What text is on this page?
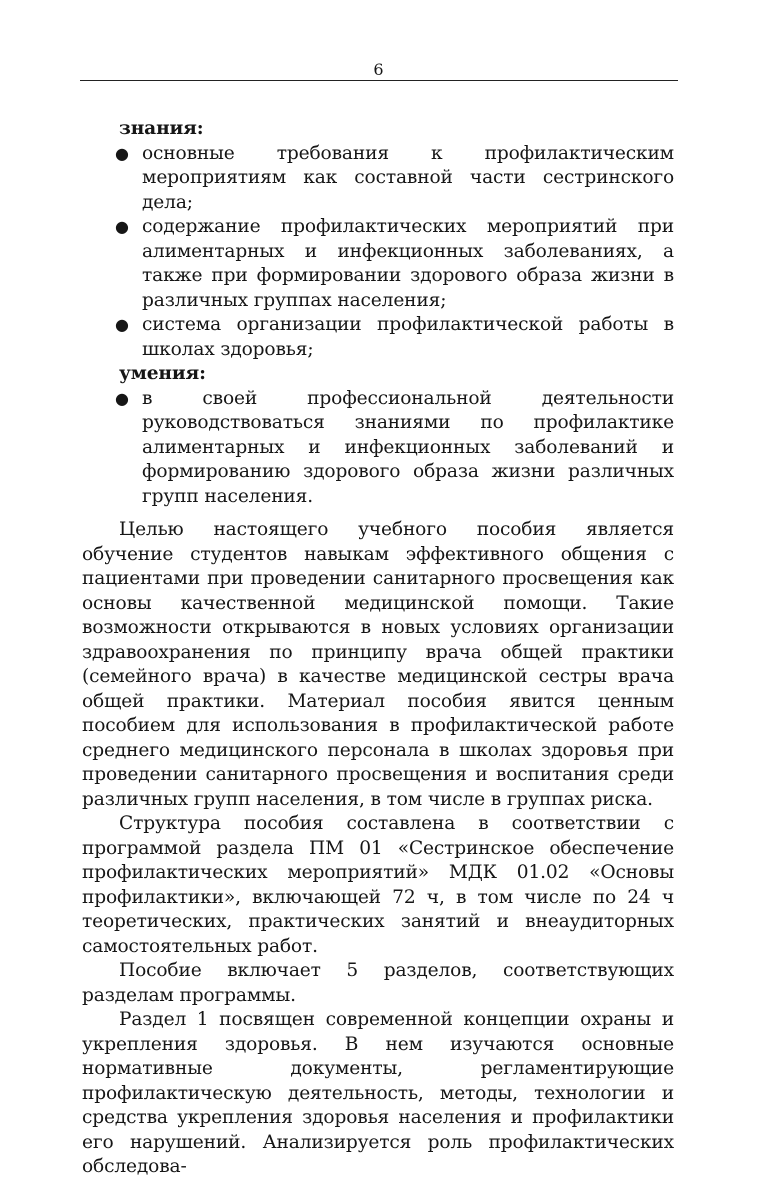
6
знания:
● основные требования к профилактическим мероприятиям как составной части сестринского дела;
● содержание профилактических мероприятий при алиментарных и инфекционных заболеваниях, а также при формировании здорового образа жизни в различных группах населения;
● система организации профилактической работы в школах здоровья;
умения:
● в своей профессиональной деятельности руководствоваться знаниями по профилактике алиментарных и инфекционных заболеваний и формированию здорового образа жизни различных групп населения.

Целью настоящего учебного пособия является обучение студентов навыкам эффективного общения с пациентами при проведении санитарного просвещения как основы качественной медицинской помощи. Такие возможности открываются в новых условиях организации здравоохранения по принципу врача общей практики (семейного врача) в качестве медицинской сестры врача общей практики. Материал пособия явится ценным пособием для использования в профилактической работе среднего медицинского персонала в школах здоровья при проведении санитарного просвещения и воспитания среди различных групп населения, в том числе в группах риска.

Структура пособия составлена в соответствии с программой раздела ПМ 01 «Сестринское обеспечение профилактических мероприятий» МДК 01.02 «Основы профилактики», включающей 72 ч, в том числе по 24 ч теоретических, практических занятий и внеаудиторных самостоятельных работ.

Пособие включает 5 разделов, соответствующих разделам программы.

Раздел 1 посвящен современной концепции охраны и укрепления здоровья. В нем изучаются основные нормативные документы, регламентирующие профилактическую деятельность, методы, технологии и средства укрепления здоровья населения и профилактики его нарушений. Анализируется роль профилактических обследова-
